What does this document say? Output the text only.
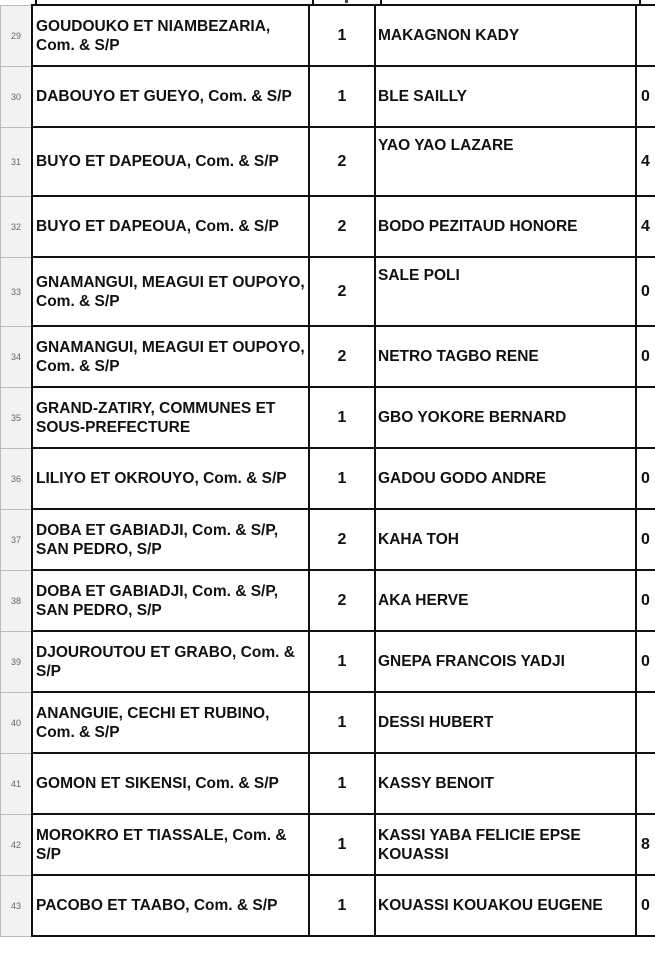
29	GOUDOUKO ET NIAMBEZARIA, Com. & S/P	1	MAKAGNON KADY	

30	DABOUYO ET GUEYO, Com. & S/P	1	BLE SAILLY	0

31	BUYO ET DAPEOUA, Com. & S/P	2	YAO YAO LAZARE	4

32	BUYO ET DAPEOUA, Com. & S/P	2	BODO PEZITAUD HONORE	4

33	GNAMANGUI, MEAGUI ET OUPOYO, Com. & S/P	2	SALE POLI	0

34	GNAMANGUI, MEAGUI ET OUPOYO, Com. & S/P	2	NETRO TAGBO RENE	0

35	GRAND-ZATIRY, COMMUNES ET SOUS-PREFECTURE	1	GBO YOKORE BERNARD	

36	LILIYO ET OKROUYO, Com. & S/P	1	GADOU GODO ANDRE	0

37	DOBA ET GABIADJI, Com. & S/P, SAN PEDRO, S/P	2	KAHA TOH	0

38	DOBA ET GABIADJI, Com. & S/P, SAN PEDRO, S/P	2	AKA HERVE	0

39	DJOUROUTOU ET GRABO, Com. & S/P	1	GNEPA FRANCOIS YADJI	0

40	ANANGUIE, CECHI ET RUBINO, Com. & S/P	1	DESSI HUBERT	

41	GOMON ET SIKENSI, Com. & S/P	1	KASSY BENOIT	

42	MOROKRO ET TIASSALE, Com. & S/P	1	KASSI YABA FELICIE EPSE KOUASSI	8

43	PACOBO ET TAABO, Com. & S/P	1	KOUASSI KOUAKOU EUGENE	0
